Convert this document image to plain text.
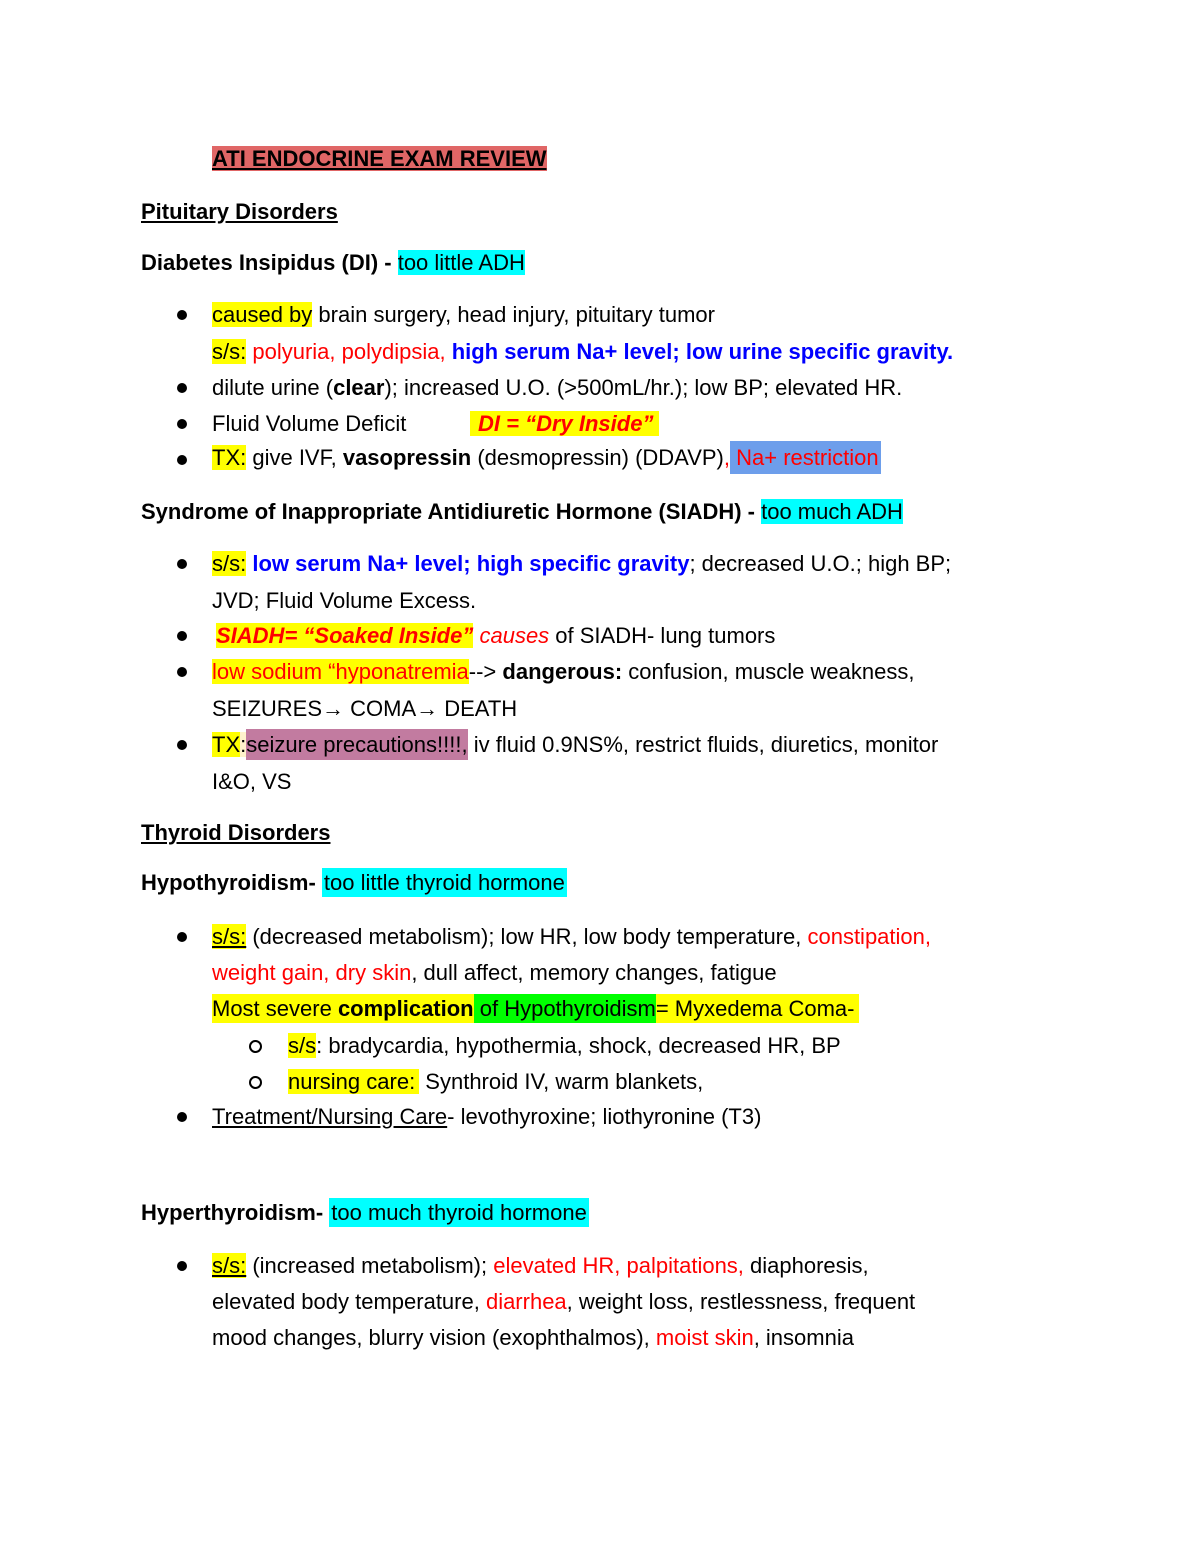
ATI ENDOCRINE EXAM REVIEW
Pituitary Disorders
Diabetes Insipidus (DI) - too little ADH
caused by brain surgery, head injury, pituitary tumor
s/s: polyuria, polydipsia, high serum Na+ level; low urine specific gravity.
dilute urine (clear); increased U.O. (>500mL/hr.); low BP; elevated HR.
Fluid Volume Deficit	DI = “Dry Inside”
TX: give IVF, vasopressin (desmopressin) (DDAVP), Na+ restriction
Syndrome of Inappropriate Antidiuretic Hormone (SIADH) - too much ADH
s/s: low serum Na+ level; high specific gravity; decreased U.O.; high BP;
JVD; Fluid Volume Excess.
SIADH= “Soaked Inside” causes of SIADH- lung tumors
low sodium “hyponatremia--> dangerous: confusion, muscle weakness,
SEIZURES→ COMA→ DEATH
TX:seizure precautions!!!!, iv fluid 0.9NS%, restrict fluids, diuretics, monitor
I&O, VS
Thyroid Disorders
Hypothyroidism- too little thyroid hormone
s/s: (decreased metabolism); low HR, low body temperature, constipation,
weight gain, dry skin, dull affect, memory changes, fatigue
Most severe complication of Hypothyroidism= Myxedema Coma-
s/s: bradycardia, hypothermia, shock, decreased HR, BP
nursing care: Synthroid IV, warm blankets,
Treatment/Nursing Care- levothyroxine; liothyronine (T3)
Hyperthyroidism- too much thyroid hormone
s/s: (increased metabolism); elevated HR, palpitations, diaphoresis,
elevated body temperature, diarrhea, weight loss, restlessness, frequent
mood changes, blurry vision (exophthalmos), moist skin, insomnia
